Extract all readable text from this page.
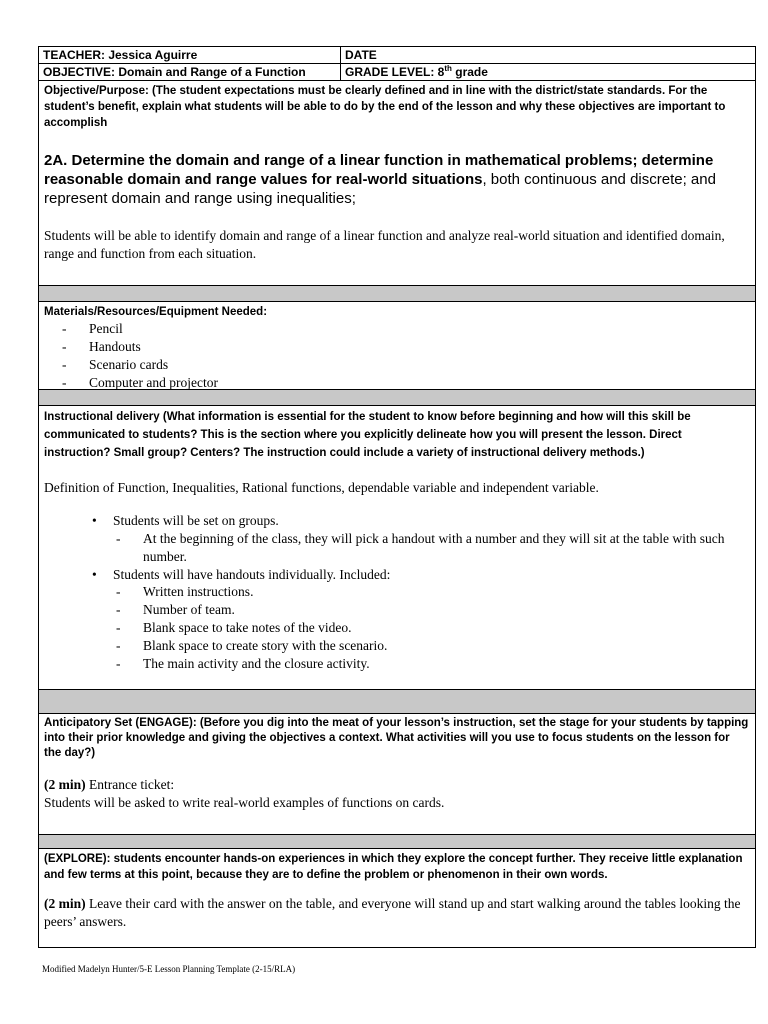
TEACHER: Jessica Aguirre	DATE
OBJECTIVE: Domain and Range of a Function	GRADE LEVEL: 8th grade
Objective/Purpose: (The student expectations must be clearly defined and in line with the district/state standards. For the student’s benefit, explain what students will be able to do by the end of the lesson and why these objectives are important to accomplish
2A. Determine the domain and range of a linear function in mathematical problems; determine reasonable domain and range values for real-world situations, both continuous and discrete; and represent domain and range using inequalities;
Students will be able to identify domain and range of a linear function and analyze real-world situation and identified domain, range and function from each situation.
Materials/Resources/Equipment Needed:
- Pencil
- Handouts
- Scenario cards
- Computer and projector
Instructional delivery (What information is essential for the student to know before beginning and how will this skill be communicated to students? This is the section where you explicitly delineate how you will present the lesson. Direct instruction? Small group? Centers? The instruction could include a variety of instructional delivery methods.)
Definition of Function, Inequalities, Rational functions, dependable variable and independent variable.
• Students will be set on groups.
- At the beginning of the class, they will pick a handout with a number and they will sit at the table with such number.
• Students will have handouts individually. Included:
- Written instructions.
- Number of team.
- Blank space to take notes of the video.
- Blank space to create story with the scenario.
- The main activity and the closure activity.
Anticipatory Set (ENGAGE): (Before you dig into the meat of your lesson’s instruction, set the stage for your students by tapping into their prior knowledge and giving the objectives a context. What activities will you use to focus students on the lesson for the day?)
(2 min) Entrance ticket:
Students will be asked to write real-world examples of functions on cards.
(EXPLORE): students encounter hands-on experiences in which they explore the concept further. They receive little explanation and few terms at this point, because they are to define the problem or phenomenon in their own words.
(2 min) Leave their card with the answer on the table, and everyone will stand up and start walking around the tables looking the peers’ answers.
Modified Madelyn Hunter/5-E Lesson Planning Template (2-15/RLA)
